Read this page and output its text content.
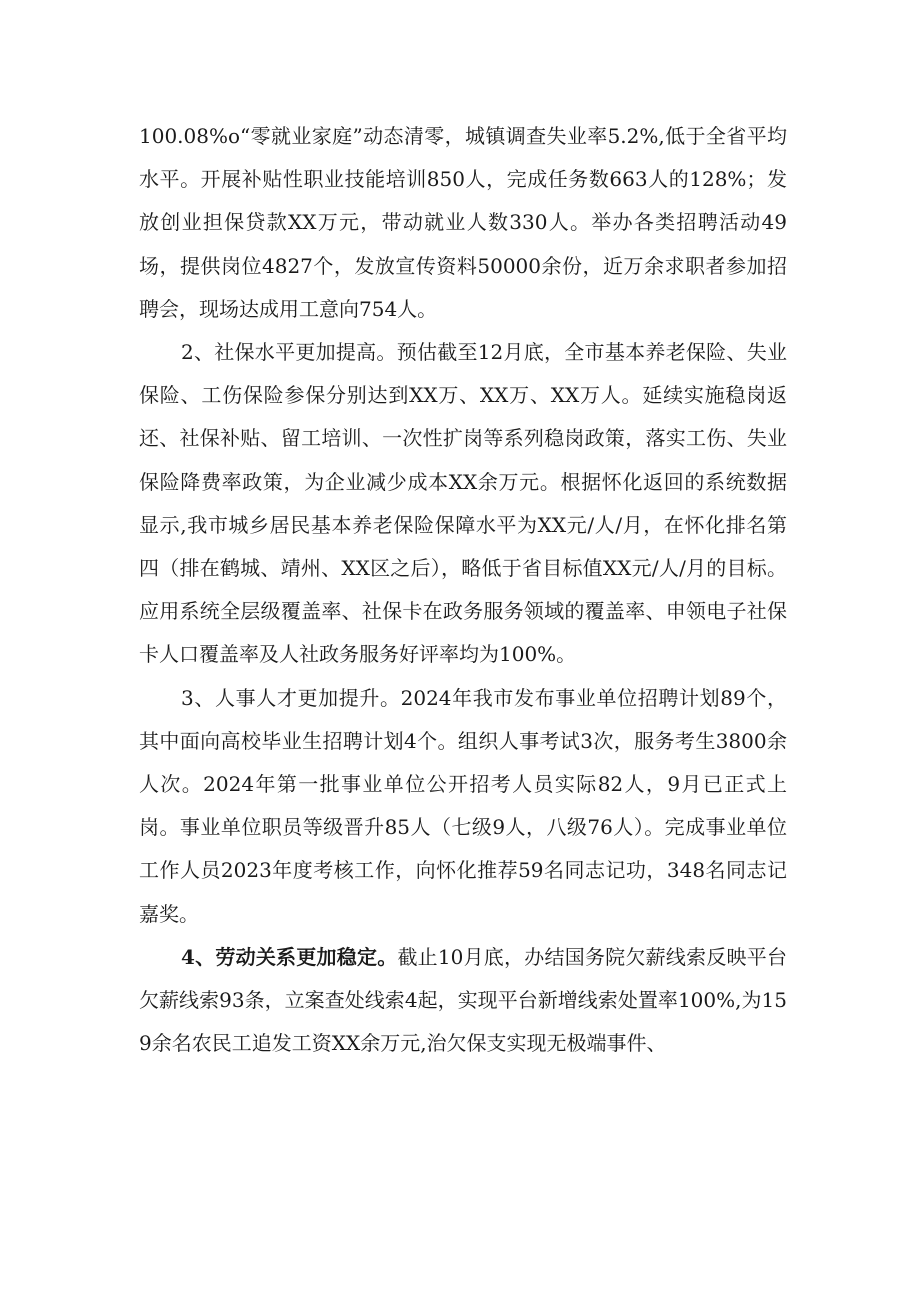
100.08%o“零就业家庭”动态清零，城镇调查失业率5.2%,低于全省平均水平。开展补贴性职业技能培训850人，完成任务数663人的128%；发放创业担保贷款XX万元，带动就业人数330人。举办各类招聘活动49场，提供岗位4827个，发放宣传资料50000余份，近万余求职者参加招聘会，现场达成用工意向754人。

2、社保水平更加提高。预估截至12月底，全市基本养老保险、失业保险、工伤保险参保分别达到XX万、XX万、XX万人。延续实施稳岗返还、社保补贴、留工培训、一次性扩岗等系列稳岗政策，落实工伤、失业保险降费率政策，为企业减少成本XX余万元。根据怀化返回的系统数据显示,我市城乡居民基本养老保险保障水平为XX元/人/月，在怀化排名第四（排在鹤城、靖州、XX区之后），略低于省目标值XX元/人/月的目标。应用系统全层级覆盖率、社保卡在政务服务领域的覆盖率、申领电子社保卡人口覆盖率及人社政务服务好评率均为100%。

3、人事人才更加提升。2024年我市发布事业单位招聘计划89个，其中面向高校毕业生招聘计划4个。组织人事考试3次，服务考生3800余人次。2024年第一批事业单位公开招考人员实际82人，9月已正式上岗。事业单位职员等级晋升85人（七级9人，八级76人）。完成事业单位工作人员2023年度考核工作，向怀化推荐59名同志记功，348名同志记嘉奖。

4、劳动关系更加稳定。截止10月底，办结国务院欠薪线索反映平台欠薪线索93条，立案查处线索4起，实现平台新增线索处置率100%,为159余名农民工追发工资XX余万元,治欠保支实现无极端事件、
